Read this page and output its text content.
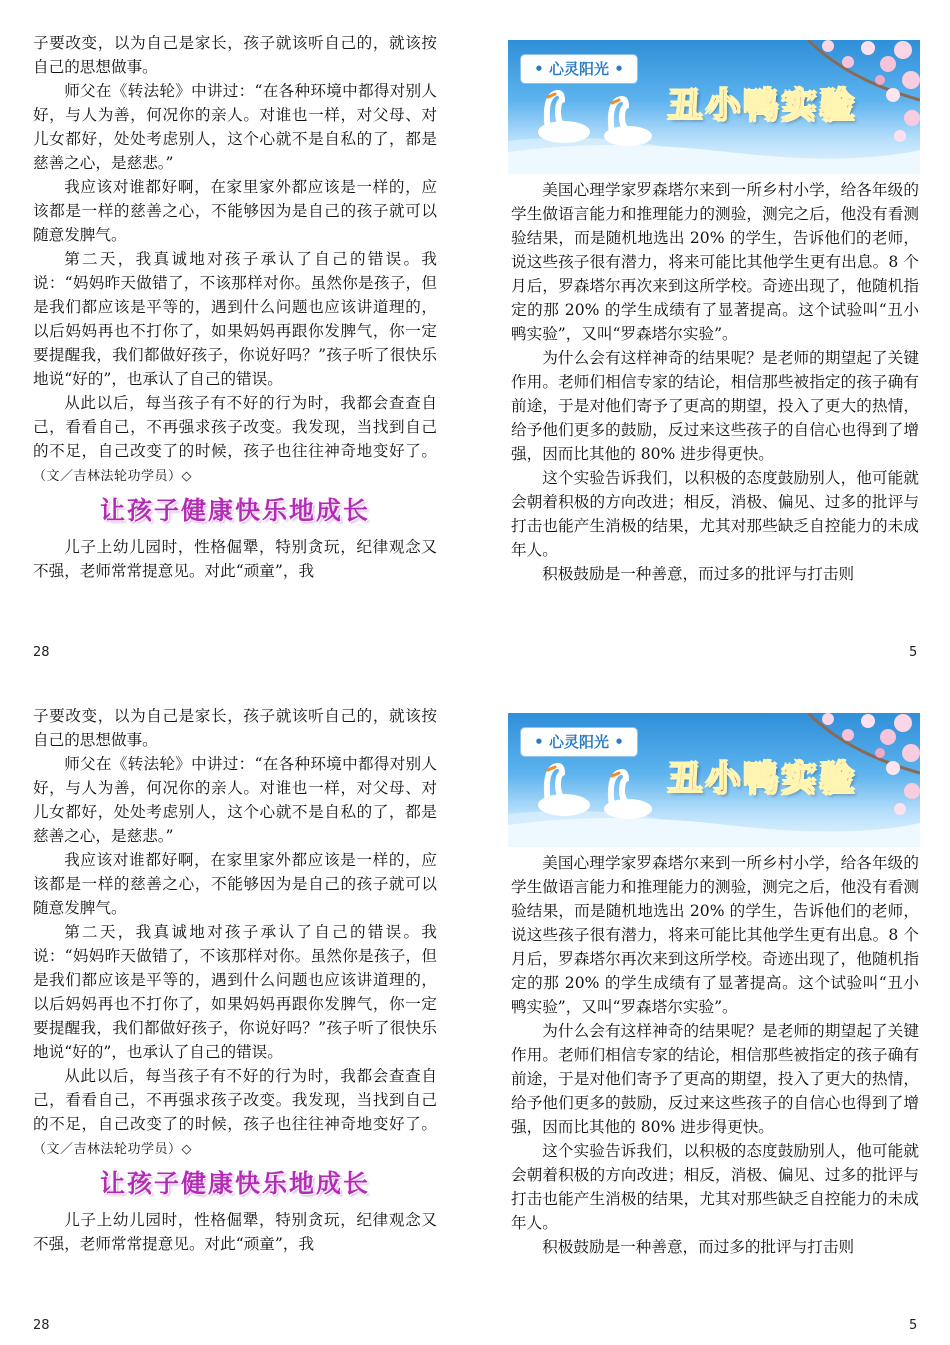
子要改变，以为自己是家长，孩子就该听自己的，就该按自己的思想做事。

师父在《转法轮》中讲过：“在各种环境中都得对别人好，与人为善，何况你的亲人。对谁也一样，对父母、对儿女都好，处处考虑别人，这个心就不是自私的了，都是慈善之心，是慈悲。”

我应该对谁都好啊，在家里家外都应该是一样的，应该都是一样的慈善之心，不能够因为是自己的孩子就可以随意发脾气。

第二天，我真诚地对孩子承认了自己的错误。我说：“妈妈昨天做错了，不该那样对你。虽然你是孩子，但是我们都应该是平等的，遇到什么问题也应该讲道理的，以后妈妈再也不打你了，如果妈妈再跟你发脾气，你一定要提醒我，我们都做好孩子，你说好吗？”孩子听了很快乐地说“好的”，也承认了自己的错误。

从此以后，每当孩子有不好的行为时，我都会查查自己，看看自己，不再强求孩子改变。我发现，当找到自己的不足，自己改变了的时候，孩子也往往神奇地变好了。（文／吉林法轮功学员）◇

让孩子健康快乐地成长

儿子上幼儿园时，性格倔犟，特别贪玩，纪律观念又不强，老师常常提意见。对此“顽童”，我

28
• 心灵阳光 •
丑小鸭实验

美国心理学家罗森塔尔来到一所乡村小学，给各年级的学生做语言能力和推理能力的测验，测完之后，他没有看测验结果，而是随机地选出 20% 的学生，告诉他们的老师，说这些孩子很有潜力，将来可能比其他学生更有出息。8 个月后，罗森塔尔再次来到这所学校。奇迹出现了，他随机指定的那 20% 的学生成绩有了显著提高。这个试验叫“丑小鸭实验”，又叫“罗森塔尔实验”。

为什么会有这样神奇的结果呢？是老师的期望起了关键作用。老师们相信专家的结论，相信那些被指定的孩子确有前途，于是对他们寄予了更高的期望，投入了更大的热情，给予他们更多的鼓励，反过来这些孩子的自信心也得到了增强，因而比其他的 80% 进步得更快。

这个实验告诉我们，以积极的态度鼓励别人，他可能就会朝着积极的方向改进；相反，消极、偏见、过多的批评与打击也能产生消极的结果，尤其对那些缺乏自控能力的未成年人。

积极鼓励是一种善意，而过多的批评与打击则

5

子要改变，以为自己是家长，孩子就该听自己的，就该按自己的思想做事。

师父在《转法轮》中讲过：“在各种环境中都得对别人好，与人为善，何况你的亲人。对谁也一样，对父母、对儿女都好，处处考虑别人，这个心就不是自私的了，都是慈善之心，是慈悲。”

我应该对谁都好啊，在家里家外都应该是一样的，应该都是一样的慈善之心，不能够因为是自己的孩子就可以随意发脾气。

第二天，我真诚地对孩子承认了自己的错误。我说：“妈妈昨天做错了，不该那样对你。虽然你是孩子，但是我们都应该是平等的，遇到什么问题也应该讲道理的，以后妈妈再也不打你了，如果妈妈再跟你发脾气，你一定要提醒我，我们都做好孩子，你说好吗？”孩子听了很快乐地说“好的”，也承认了自己的错误。

从此以后，每当孩子有不好的行为时，我都会查查自己，看看自己，不再强求孩子改变。我发现，当找到自己的不足，自己改变了的时候，孩子也往往神奇地变好了。（文／吉林法轮功学员）◇

让孩子健康快乐地成长

儿子上幼儿园时，性格倔犟，特别贪玩，纪律观念又不强，老师常常提意见。对此“顽童”，我

28
• 心灵阳光 •
丑小鸭实验

美国心理学家罗森塔尔来到一所乡村小学，给各年级的学生做语言能力和推理能力的测验，测完之后，他没有看测验结果，而是随机地选出 20% 的学生，告诉他们的老师，说这些孩子很有潜力，将来可能比其他学生更有出息。8 个月后，罗森塔尔再次来到这所学校。奇迹出现了，他随机指定的那 20% 的学生成绩有了显著提高。这个试验叫“丑小鸭实验”，又叫“罗森塔尔实验”。

为什么会有这样神奇的结果呢？是老师的期望起了关键作用。老师们相信专家的结论，相信那些被指定的孩子确有前途，于是对他们寄予了更高的期望，投入了更大的热情，给予他们更多的鼓励，反过来这些孩子的自信心也得到了增强，因而比其他的 80% 进步得更快。

这个实验告诉我们，以积极的态度鼓励别人，他可能就会朝着积极的方向改进；相反，消极、偏见、过多的批评与打击也能产生消极的结果，尤其对那些缺乏自控能力的未成年人。

积极鼓励是一种善意，而过多的批评与打击则

5
